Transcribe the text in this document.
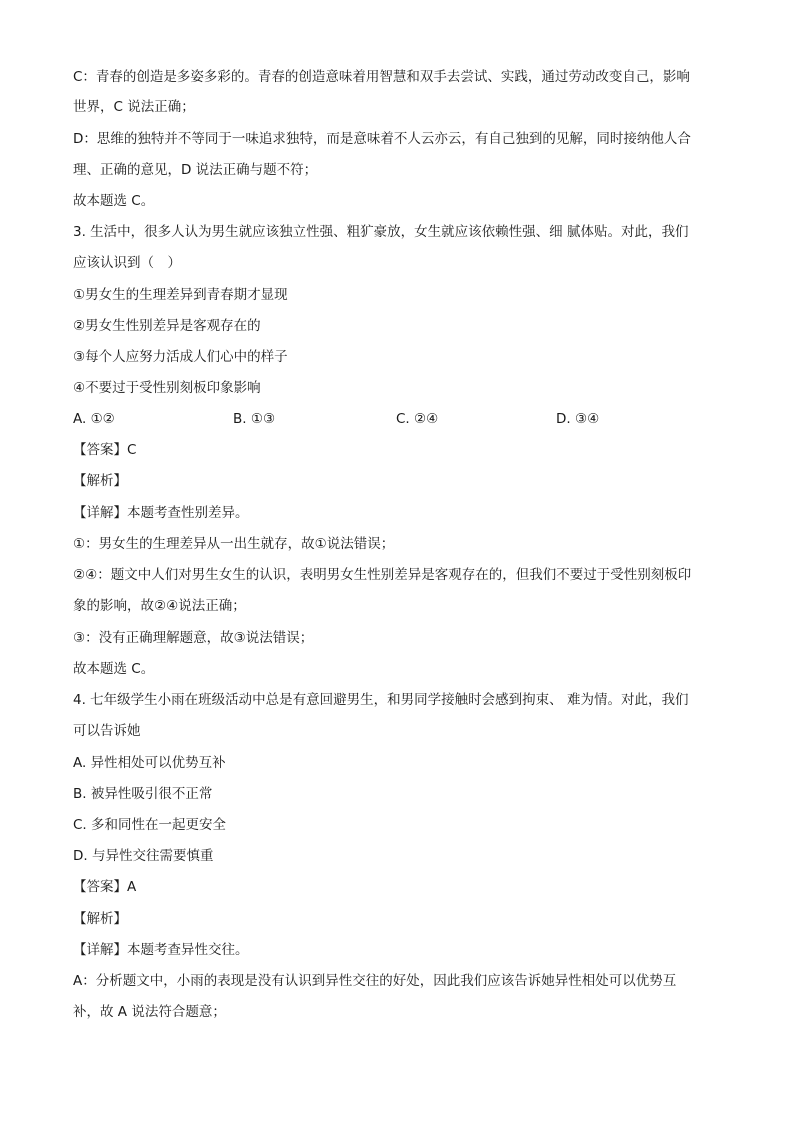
C：青春的创造是多姿多彩的。青春的创造意味着用智慧和双手去尝试、实践，通过劳动改变自己，影响
世界，C 说法正确；
D：思维的独特并不等同于一味追求独特，而是意味着不人云亦云，有自己独到的见解，同时接纳他人合
理、正确的意见，D 说法正确与题不符；
故本题选 C。
3. 生活中，很多人认为男生就应该独立性强、粗犷豪放，女生就应该依赖性强、细 腻体贴。对此，我们
应该认识到（　）
①男女生的生理差异到青春期才显现
②男女生性别差异是客观存在的
③每个人应努力活成人们心中的样子
④不要过于受性别刻板印象影响
A. ①②	B. ①③	C. ②④	D. ③④
【答案】C
【解析】
【详解】本题考查性别差异。
①：男女生的生理差异从一出生就存，故①说法错误；
②④：题文中人们对男生女生的认识，表明男女生性别差异是客观存在的，但我们不要过于受性别刻板印
象的影响，故②④说法正确；
③：没有正确理解题意，故③说法错误；
故本题选 C。
4. 七年级学生小雨在班级活动中总是有意回避男生，和男同学接触时会感到拘束、 难为情。对此，我们
可以告诉她
A. 异性相处可以优势互补
B. 被异性吸引很不正常
C. 多和同性在一起更安全
D. 与异性交往需要慎重
【答案】A
【解析】
【详解】本题考查异性交往。
A：分析题文中，小雨的表现是没有认识到异性交往的好处，因此我们应该告诉她异性相处可以优势互
补，故 A 说法符合题意；
